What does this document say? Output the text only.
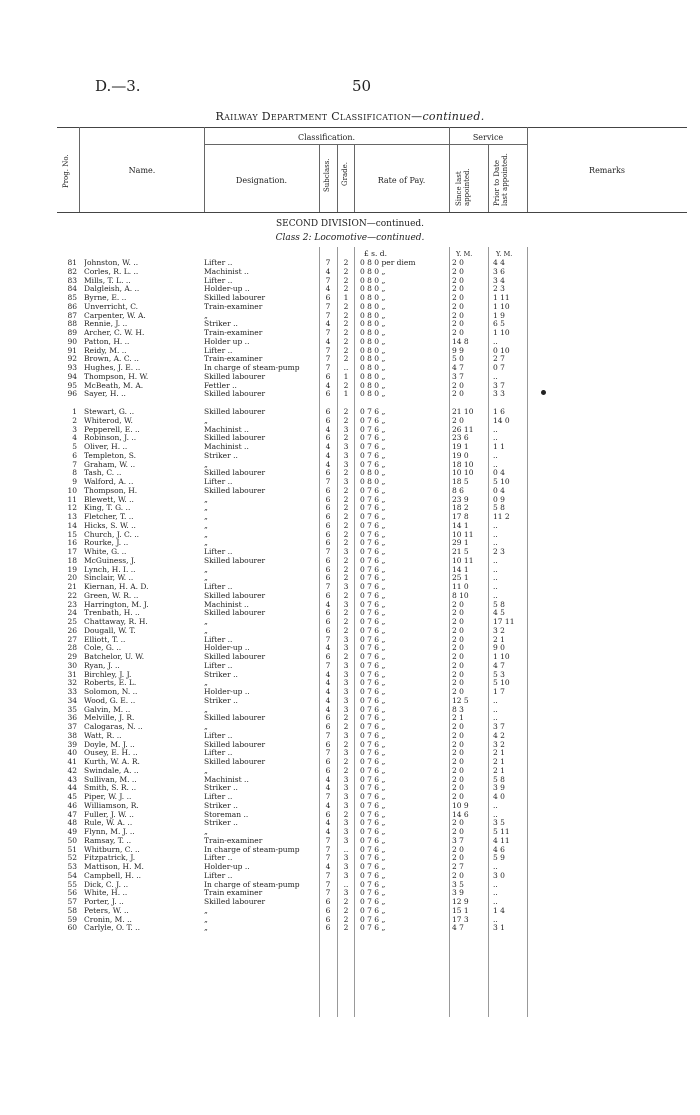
D.—3.	50
Railway Department Classification—continued.
Prog. No.	Name.
Classification.
Designation.	Subclass. Grade.	Rate of Pay.
Service
Since last appointed.	Prior to Date last appointed.	Remarks
SECOND DIVISION—continued.
Class 2: Locomotive—continued.
£ s. d.	Y. M.	Y. M.
81 Johnston, W. ..	Lifter ..	7	2	0 8 0 per diem	2 0	4 4
82 Corles, R. L. ..	Machinist ..	4	2	0 8 0 „	2 0	3 6
83 Mills, T. L. ..	Lifter ..	7	2	0 8 0 „	2 0	3 4
84 Dalgleish, A. ..	Holder-up ..	4	2	0 8 0 „	2 0	2 3
85 Byrne, E. ..	Skilled labourer	6	1	0 8 0 „	2 0	1 11
86 Unverricht, C.	Train-examiner	7	2	0 8 0 „	2 0	1 10
87 Carpenter, W. A.	„	7	2	0 8 0 „	2 0	1 9
88 Rennie, J. ..	Striker ..	4	2	0 8 0 „	2 0	6 5
89 Archer, C. W. H.	Train-examiner	7	2	0 8 0 „	2 0	1 10
90 Patton, H. ..	Holder up ..	4	2	0 8 0 „	14 8	..
91 Reidy, M. ..	Lifter ..	7	2	0 8 0 „	9 9	0 10
92 Brown, A. C. ..	Train-examiner	7	2	0 8 0 „	5 0	2 7
93 Hughes, J. E. ..	In charge of steam-pump	7	..	0 8 0 „	4 7	0 7
94 Thompson, H. W.	Skilled labourer	6	1	0 8 0 „	3 7	..
95 McBeath, M. A.	Fettler ..	4	2	0 8 0 „	2 0	3 7
96 Sayer, H. ..	Skilled labourer	6	1	0 8 0 „	2 0	3 3
1 Stewart, G. ..	Skilled labourer	6	2	0 7 6 „	21 10	1 6
2 Whiterod, W.	„	6	2	0 7 6 „	2 0	14 0
3 Pepperell, E. ..	Machinist ..	4	3	0 7 6 „	26 11	..
4 Robinson, J. ..	Skilled labourer	6	2	0 7 6 „	23 6	..
5 Oliver, H. ..	Machinist ..	4	3	0 7 6 „	19 1	1 1
6 Templeton, S.	Striker ..	4	3	0 7 6 „	19 0	..
7 Graham, W. ..	„	4	3	0 7 6 „	18 10	..
8 Tash, C. ..	Skilled labourer	6	2	0 8 0 „	10 10	0 4
9 Walford, A. ..	Lifter ..	7	3	0 8 0 „	18 5	5 10
10 Thompson, H.	Skilled labourer	6	2	0 7 6 „	8 6	0 4
11 Blewett, W. ..	„	6	2	0 7 6 „	23 9	0 9
12 King, T. G. ..	„	6	2	0 7 6 „	18 2	5 8
13 Fletcher, T. ..	„	6	2	0 7 6 „	17 8	11 2
14 Hicks, S. W. ..	„	6	2	0 7 6 „	14 1	..
15 Church, J. C. ..	„	6	2	0 7 6 „	10 11	..
16 Rourke, J. ..	„	6	2	0 7 6 „	29 1	..
17 White, G. ..	Lifter ..	7	3	0 7 6 „	21 5	2 3
18 McGuiness, J.	Skilled labourer	6	2	0 7 6 „	10 11	..
19 Lynch, H. I. ..	„	6	2	0 7 6 „	14 1	..
20 Sinclair, W. ..	„	6	2	0 7 6 „	25 1	..
21 Kiernan, H. A. D.	Lifter ..	7	3	0 7 6 „	11 0	..
22 Green, W. R. ..	Skilled labourer	6	2	0 7 6 „	8 10	..
23 Harrington, M. J.	Machinist ..	4	3	0 7 6 „	2 0	5 8
24 Trenbath, H. ..	Skilled labourer	6	2	0 7 6 „	2 0	4 5
25 Chattaway, R. H.	„	6	2	0 7 6 „	2 0	17 11
26 Dougall, W. T.	„	6	2	0 7 6 „	2 0	3 2
27 Elliott, T. ..	Lifter ..	7	3	0 7 6 „	2 0	2 1
28 Cole, G. ..	Holder-up ..	4	3	0 7 6 „	2 0	9 0
29 Batchelor, U. W.	Skilled labourer	6	2	0 7 6 „	2 0	1 10
30 Ryan, J. ..	Lifter ..	7	3	0 7 6 „	2 0	4 7
31 Birchley, J. J.	Striker ..	4	3	0 7 6 „	2 0	5 3
32 Roberts, E. L.	„	4	3	0 7 6 „	2 0	5 10
33 Solomon, N. ..	Holder-up ..	4	3	0 7 6 „	2 0	1 7
34 Wood, G. E. ..	Striker ..	4	3	0 7 6 „	12 5	..
35 Galvin, M. ..	„	4	3	0 7 6 „	8 3	..
36 Melville, J. R.	Skilled labourer	6	2	0 7 6 „	2 1	..
37 Calogaras, N. ..	„	6	2	0 7 6 „	2 0	3 7
38 Watt, R. ..	Lifter ..	7	3	0 7 6 „	2 0	4 2
39 Doyle, M. J. ..	Skilled labourer	6	2	0 7 6 „	2 0	3 2
40 Ousey, E. H. ..	Lifter ..	7	3	0 7 6 „	2 0	2 1
41 Kurth, W. A. R.	Skilled labourer	6	2	0 7 6 „	2 0	2 1
42 Swindale, A. ..	„	6	2	0 7 6 „	2 0	2 1
43 Sullivan, M. ..	Machinist ..	4	3	0 7 6 „	2 0	5 8
44 Smith, S. R. ..	Striker ..	4	3	0 7 6 „	2 0	3 9
45 Piper, W. J. ..	Lifter ..	7	3	0 7 6 „	2 0	4 0
46 Williamson, R.	Striker ..	4	3	0 7 6 „	10 9	..
47 Fuller, J. W. ..	Storeman ..	6	2	0 7 6 „	14 6	..
48 Rule, W. A. ..	Striker ..	4	3	0 7 6 „	2 0	3 5
49 Flynn, M. J. ..	„	4	3	0 7 6 „	2 0	5 11
50 Ramsay, T. ..	Train-examiner	7	3	0 7 6 „	3 7	4 11
51 Whitburn, C. ..	In charge of steam-pump	7	..	0 7 6 „	2 0	4 6
52 Fitzpatrick, J.	Lifter ..	7	3	0 7 6 „	2 0	5 9
53 Mattison, H. M.	Holder-up ..	4	3	0 7 6 „	2 7	..
54 Campbell, H. ..	Lifter ..	7	3	0 7 6 „	2 0	3 0
55 Dick, C. J. ..	In charge of steam-pump	7	..	0 7 6 „	3 5	..
56 White, H. ..	Train examiner	7	3	0 7 6 „	3 9	..
57 Porter, J. ..	Skilled labourer	6	2	0 7 6 „	12 9	..
58 Peters, W. ..	„	6	2	0 7 6 „	15 1	1 4
59 Cronin, M. ..	„	6	2	0 7 6 „	17 3	..
60 Carlyle, O. T. ..	„	6	2	0 7 6 „	4 7	3 1
